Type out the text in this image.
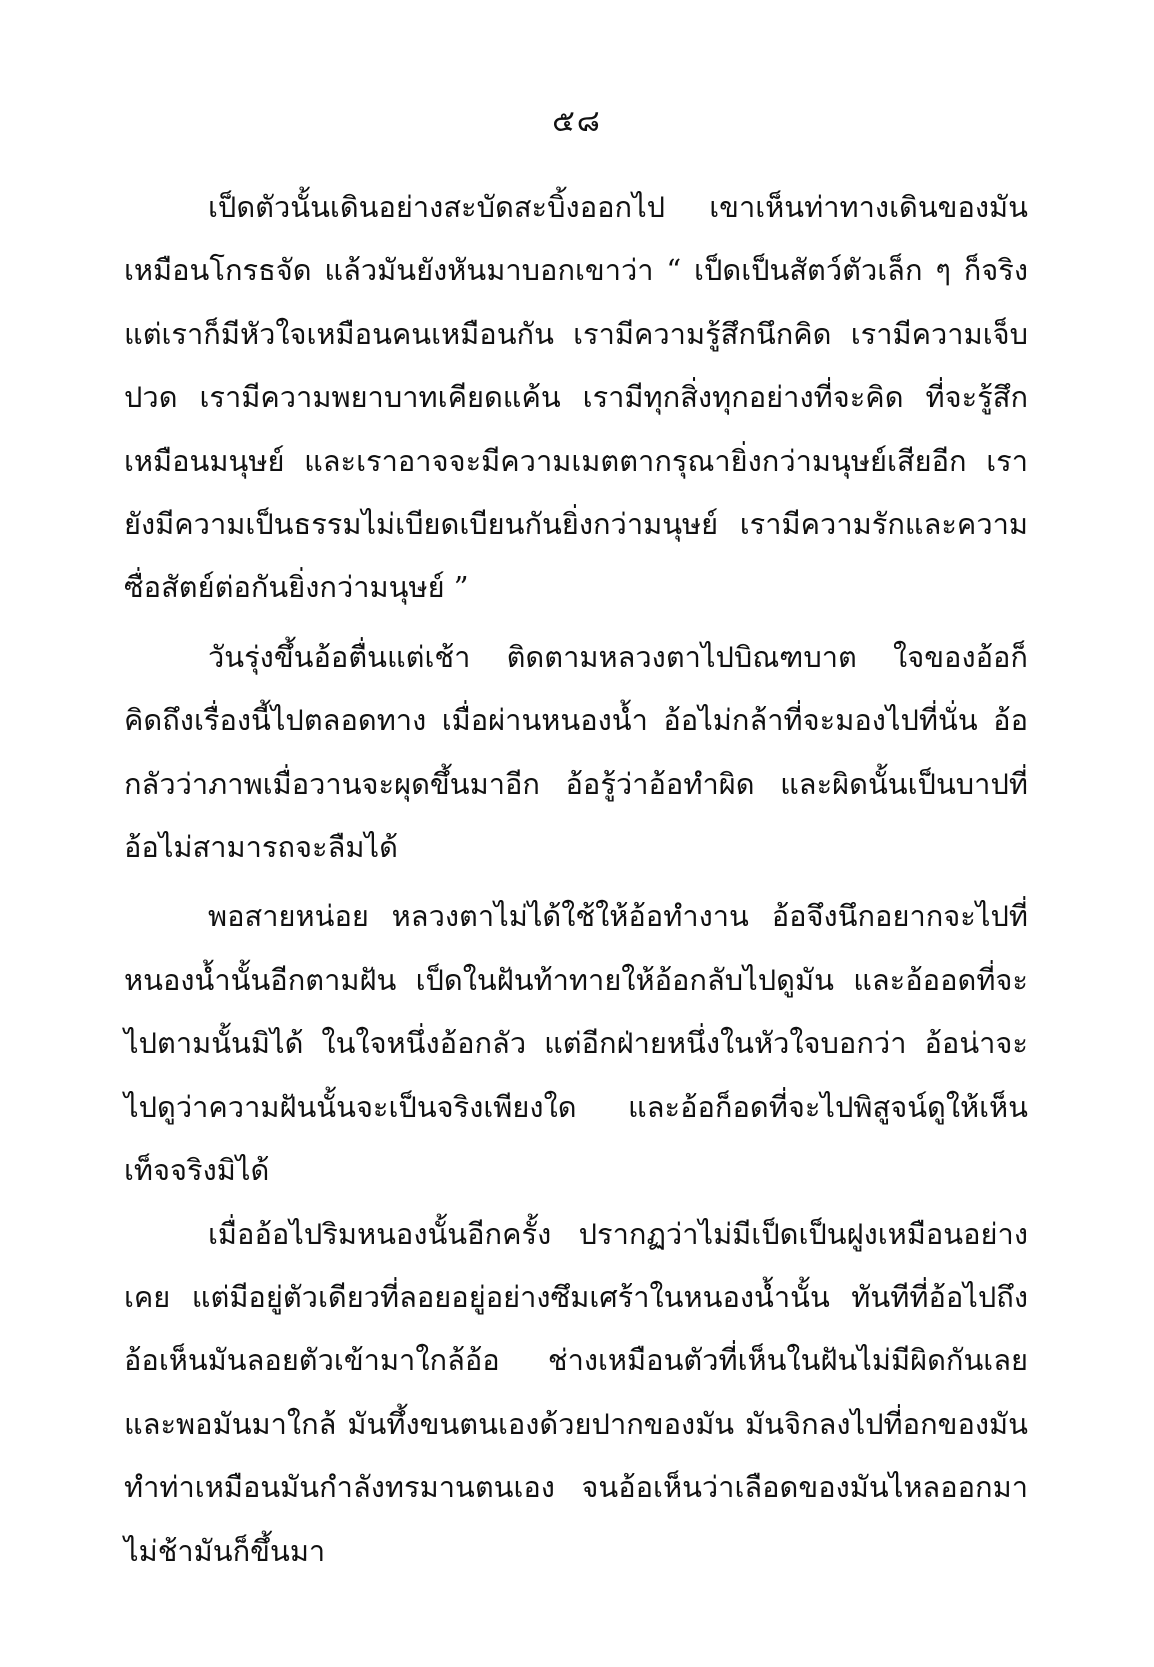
๕๘

เป็ดตัวนั้นเดินอย่างสะบัดสะบิ้งออกไป เขาเห็นท่าทางเดินของมันเหมือนโกรธจัด แล้วมันยังหันมาบอกเขาว่า “ เป็ดเป็นสัตว์ตัวเล็ก ๆ ก็จริง แต่เราก็มีหัวใจเหมือนคนเหมือนกัน เรามีความรู้สึกนึกคิด เรามีความเจ็บปวด เรามีความพยาบาทเคียดแค้น เรามีทุกสิ่งทุกอย่างที่จะคิด ที่จะรู้สึกเหมือนมนุษย์ และเราอาจจะมีความเมตตากรุณายิ่งกว่ามนุษย์เสียอีก เรายังมีความเป็นธรรมไม่เบียดเบียนกันยิ่งกว่ามนุษย์ เรามีความรักและความซื่อสัตย์ต่อกันยิ่งกว่ามนุษย์ ”

วันรุ่งขึ้นอ้อตื่นแต่เช้า ติดตามหลวงตาไปบิณฑบาต ใจของอ้อก็คิดถึงเรื่องนี้ไปตลอดทาง เมื่อผ่านหนองน้ำ อ้อไม่กล้าที่จะมองไปที่นั่น อ้อกลัวว่าภาพเมื่อวานจะผุดขึ้นมาอีก อ้อรู้ว่าอ้อทำผิด และผิดนั้นเป็นบาปที่อ้อไม่สามารถจะลืมได้

พอสายหน่อย หลวงตาไม่ได้ใช้ให้อ้อทำงาน อ้อจึงนึกอยากจะไปที่หนองน้ำนั้นอีกตามฝัน เป็ดในฝันท้าทายให้อ้อกลับไปดูมัน และอ้ออดที่จะไปตามนั้นมิได้ ในใจหนึ่งอ้อกลัว แต่อีกฝ่ายหนึ่งในหัวใจบอกว่า อ้อน่าจะไปดูว่าความฝันนั้นจะเป็นจริงเพียงใด และอ้อก็อดที่จะไปพิสูจน์ดูให้เห็นเท็จจริงมิได้

เมื่ออ้อไปริมหนองนั้นอีกครั้ง ปรากฏว่าไม่มีเป็ดเป็นฝูงเหมือนอย่างเคย แต่มีอยู่ตัวเดียวที่ลอยอยู่อย่างซึมเศร้าในหนองน้ำนั้น ทันทีที่อ้อไปถึง อ้อเห็นมันลอยตัวเข้ามาใกล้อ้อ ช่างเหมือนตัวที่เห็นในฝันไม่มีผิดกันเลย และพอมันมาใกล้ มันทึ้งขนตนเองด้วยปากของมัน มันจิกลงไปที่อกของมัน ทำท่าเหมือนมันกำลังทรมานตนเอง จนอ้อเห็นว่าเลือดของมันไหลออกมาไม่ช้ามันก็ขึ้นมา
